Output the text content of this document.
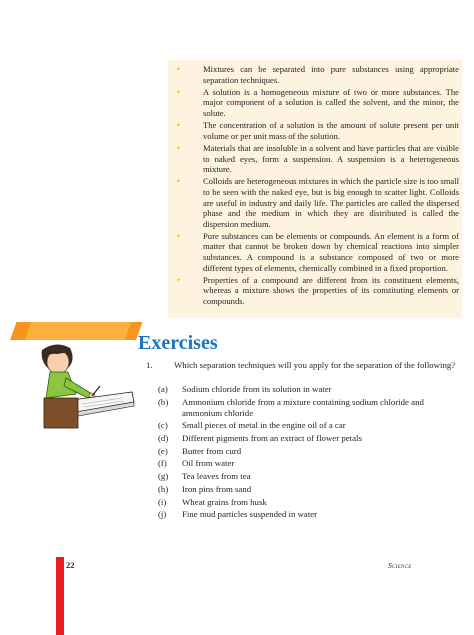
•	Mixtures can be separated into pure substances using appropriate separation techniques.
•	A solution is a homogeneous mixture of two or more substances. The major component of a solution is called the solvent, and the minor, the solute.
•	The concentration of a solution is the amount of solute present per unit volume or per unit mass of the solution.
•	Materials that are insoluble in a solvent and have particles that are visible to naked eyes, form a suspension. A suspension is a heterogeneous mixture.
•	Colloids are heterogeneous mixtures in which the particle size is too small to be seen with the naked eye, but is big enough to scatter light. Colloids are useful in industry and daily life. The particles are called the dispersed phase and the medium in which they are distributed is called the dispersion medium.
•	Pure substances can be elements or compounds. An element is a form of matter that cannot be broken down by chemical reactions into simpler substances. A compound is a substance composed of two or more different types of elements, chemically combined in a fixed proportion.
•	Properties of a compound are different from its constituent elements, whereas a mixture shows the properties of its constituting elements or compounds.
Exercises
1. Which separation techniques will you apply for the separation of the following?
(a)	Sodium chloride from its solution in water
(b)	Ammonium chloride from a mixture containing sodium chloride and ammonium chloride
(c)	Small pieces of metal in the engine oil of a car
(d)	Different pigments from an extract of flower petals
(e)	Butter from curd
(f)	Oil from water
(g)	Tea leaves from tea
(h)	Iron pins from sand
(i)	Wheat grains from husk
(j)	Fine mud particles suspended in water
22	Science
